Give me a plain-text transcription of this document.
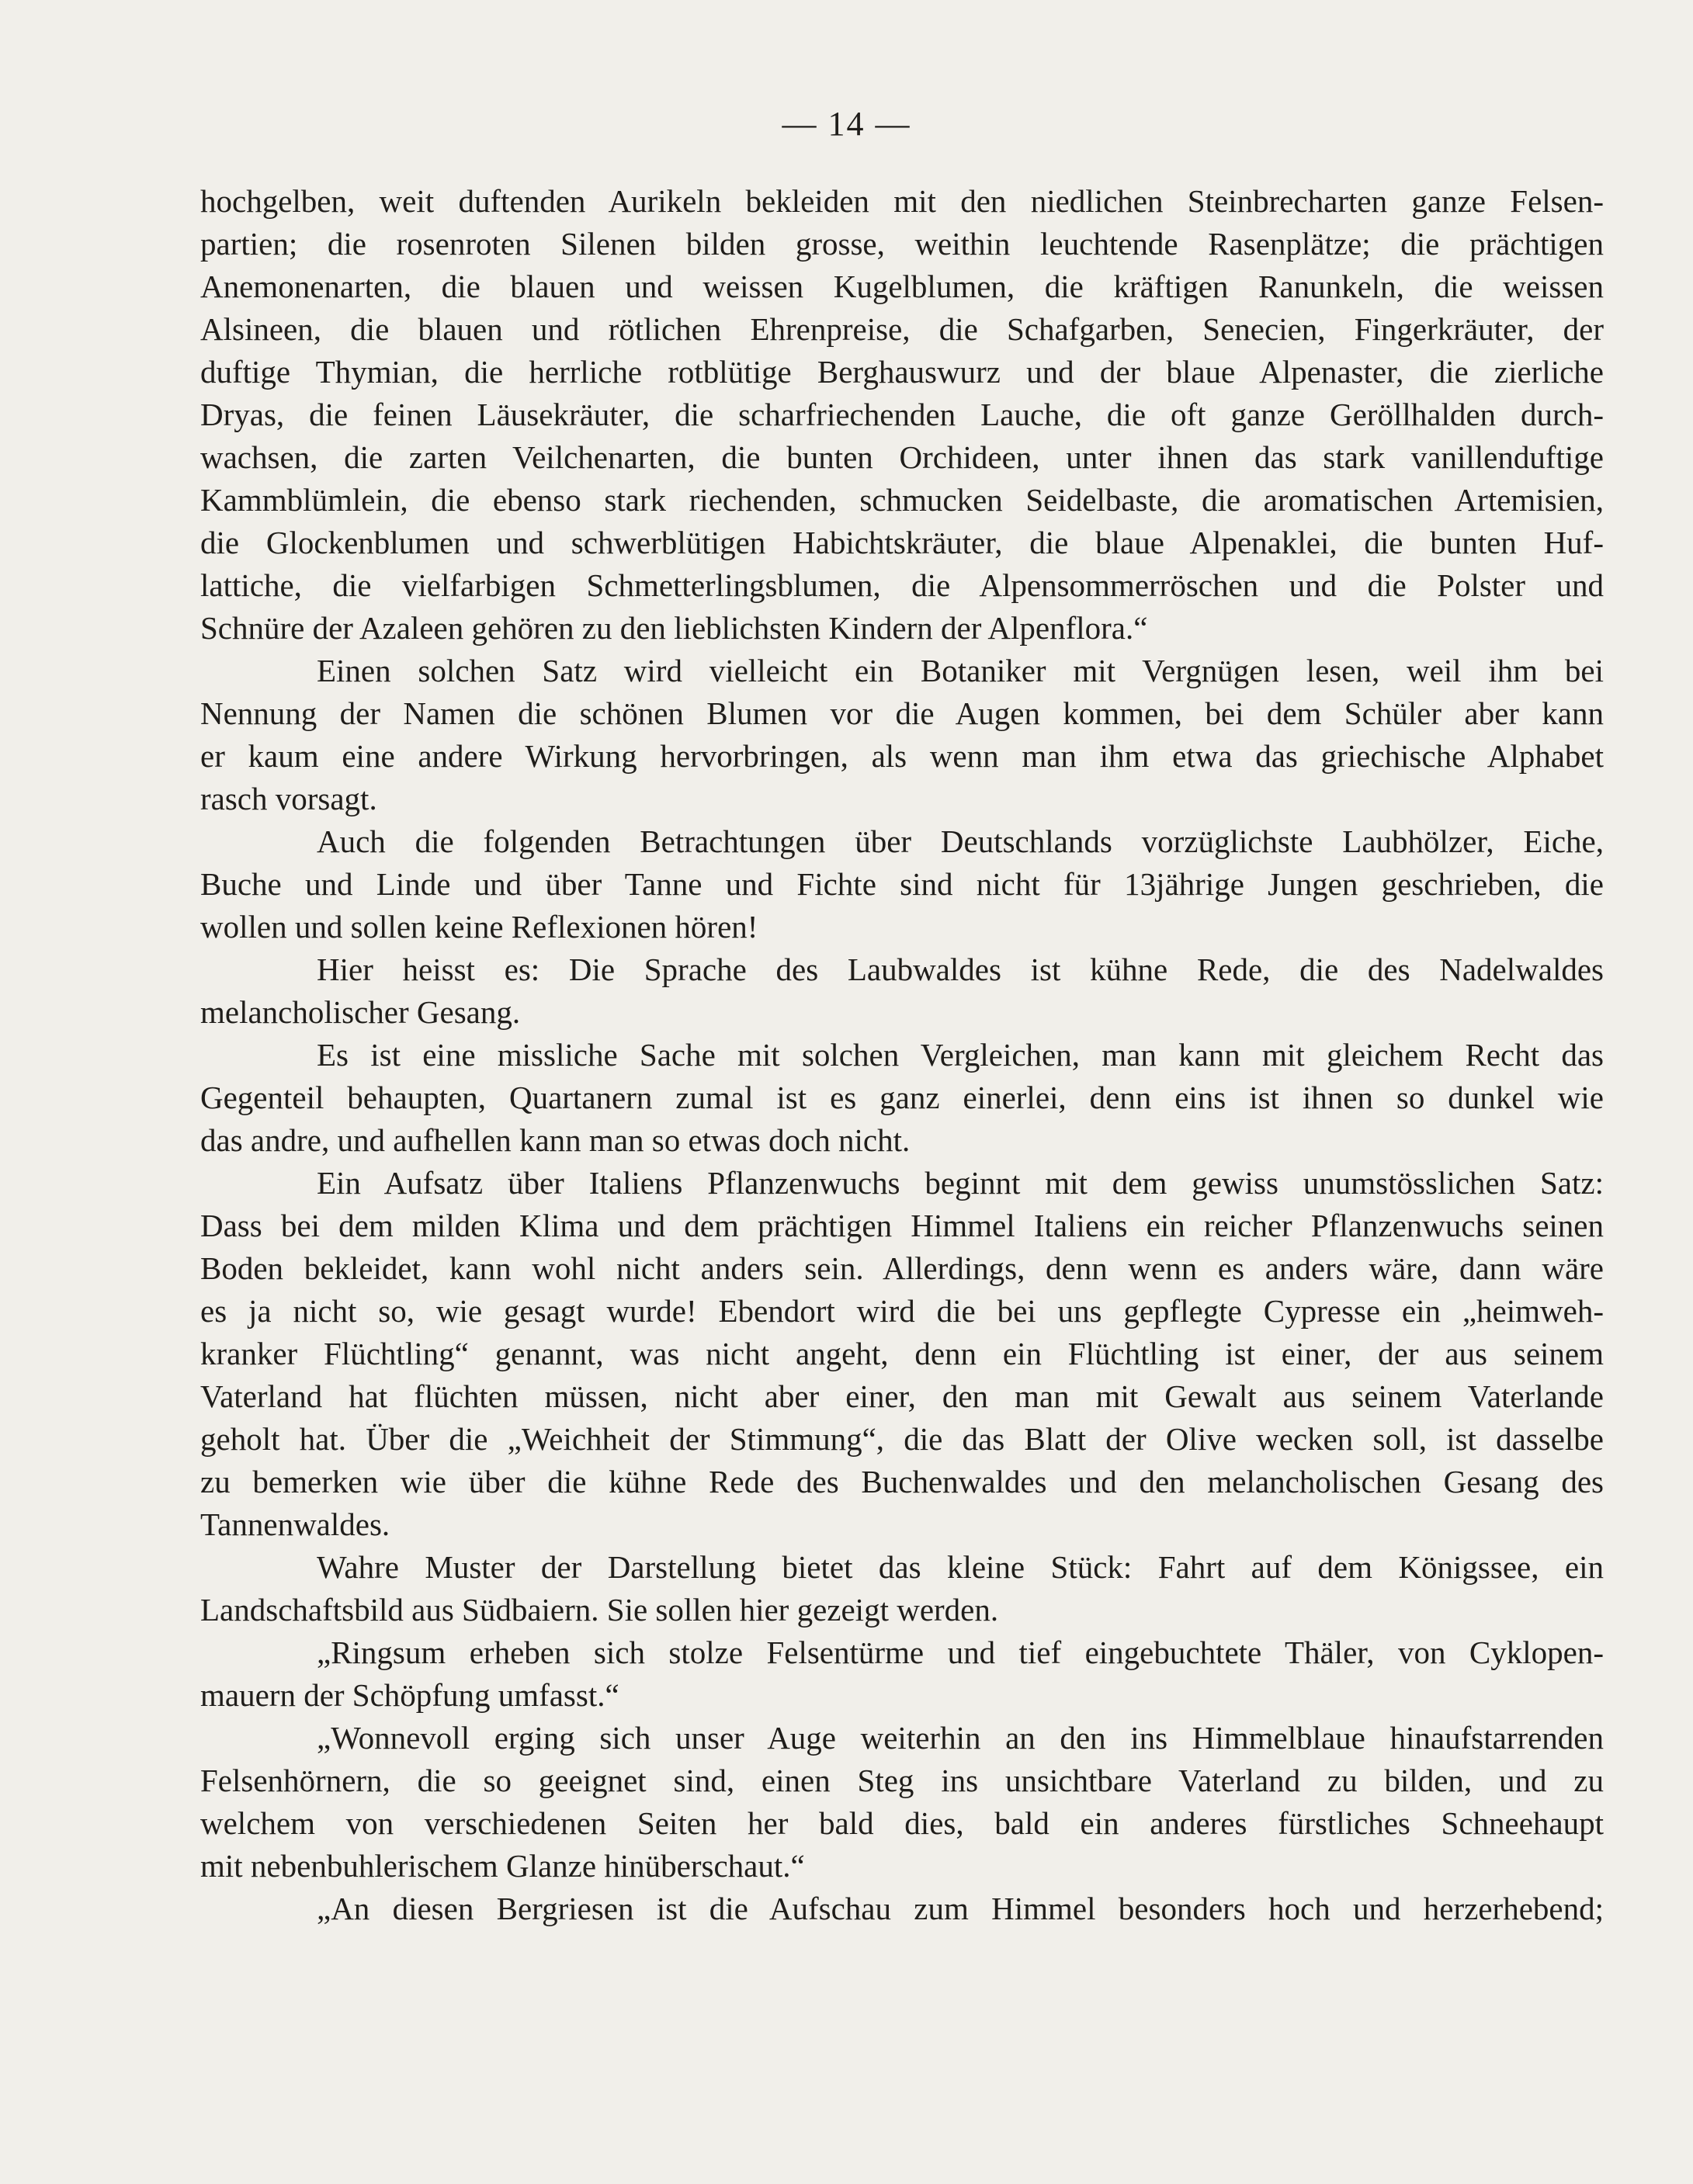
— 14 —
hochgelben, weit duftenden Aurikeln bekleiden mit den niedlichen Steinbrecharten ganze Felsen-
partien; die rosenroten Silenen bilden grosse, weithin leuchtende Rasenplätze; die prächtigen
Anemonenarten, die blauen und weissen Kugelblumen, die kräftigen Ranunkeln, die weissen
Alsineen, die blauen und rötlichen Ehrenpreise, die Schafgarben, Senecien, Fingerkräuter, der
duftige Thymian, die herrliche rotblütige Berghauswurz und der blaue Alpenaster, die zierliche
Dryas, die feinen Läusekräuter, die scharfriechenden Lauche, die oft ganze Geröllhalden durch-
wachsen, die zarten Veilchenarten, die bunten Orchideen, unter ihnen das stark vanillenduftige
Kammblümlein, die ebenso stark riechenden, schmucken Seidelbaste, die aromatischen Artemisien,
die Glockenblumen und schwerblütigen Habichtskräuter, die blaue Alpenaklei, die bunten Huf-
lattiche, die vielfarbigen Schmetterlingsblumen, die Alpensommerröschen und die Polster und
Schnüre der Azaleen gehören zu den lieblichsten Kindern der Alpenflora.“
Einen solchen Satz wird vielleicht ein Botaniker mit Vergnügen lesen, weil ihm bei
Nennung der Namen die schönen Blumen vor die Augen kommen, bei dem Schüler aber kann
er kaum eine andere Wirkung hervorbringen, als wenn man ihm etwa das griechische Alphabet
rasch vorsagt.
Auch die folgenden Betrachtungen über Deutschlands vorzüglichste Laubhölzer, Eiche,
Buche und Linde und über Tanne und Fichte sind nicht für 13jährige Jungen geschrieben, die
wollen und sollen keine Reflexionen hören!
Hier heisst es: Die Sprache des Laubwaldes ist kühne Rede, die des Nadelwaldes
melancholischer Gesang.
Es ist eine missliche Sache mit solchen Vergleichen, man kann mit gleichem Recht das
Gegenteil behaupten, Quartanern zumal ist es ganz einerlei, denn eins ist ihnen so dunkel wie
das andre, und aufhellen kann man so etwas doch nicht.
Ein Aufsatz über Italiens Pflanzenwuchs beginnt mit dem gewiss unumstösslichen Satz:
Dass bei dem milden Klima und dem prächtigen Himmel Italiens ein reicher Pflanzenwuchs seinen
Boden bekleidet, kann wohl nicht anders sein. Allerdings, denn wenn es anders wäre, dann wäre
es ja nicht so, wie gesagt wurde! Ebendort wird die bei uns gepflegte Cypresse ein „heimweh-
kranker Flüchtling“ genannt, was nicht angeht, denn ein Flüchtling ist einer, der aus seinem
Vaterland hat flüchten müssen, nicht aber einer, den man mit Gewalt aus seinem Vaterlande
geholt hat. Über die „Weichheit der Stimmung“, die das Blatt der Olive wecken soll, ist dasselbe
zu bemerken wie über die kühne Rede des Buchenwaldes und den melancholischen Gesang des
Tannenwaldes.
Wahre Muster der Darstellung bietet das kleine Stück: Fahrt auf dem Königssee, ein
Landschaftsbild aus Südbaiern. Sie sollen hier gezeigt werden.
„Ringsum erheben sich stolze Felsentürme und tief eingebuchtete Thäler, von Cyklopen-
mauern der Schöpfung umfasst.“
„Wonnevoll erging sich unser Auge weiterhin an den ins Himmelblaue hinaufstarrenden
Felsenhörnern, die so geeignet sind, einen Steg ins unsichtbare Vaterland zu bilden, und zu
welchem von verschiedenen Seiten her bald dies, bald ein anderes fürstliches Schneehaupt
mit nebenbuhlerischem Glanze hinüberschaut.“
„An diesen Bergriesen ist die Aufschau zum Himmel besonders hoch und herzerhebend;
